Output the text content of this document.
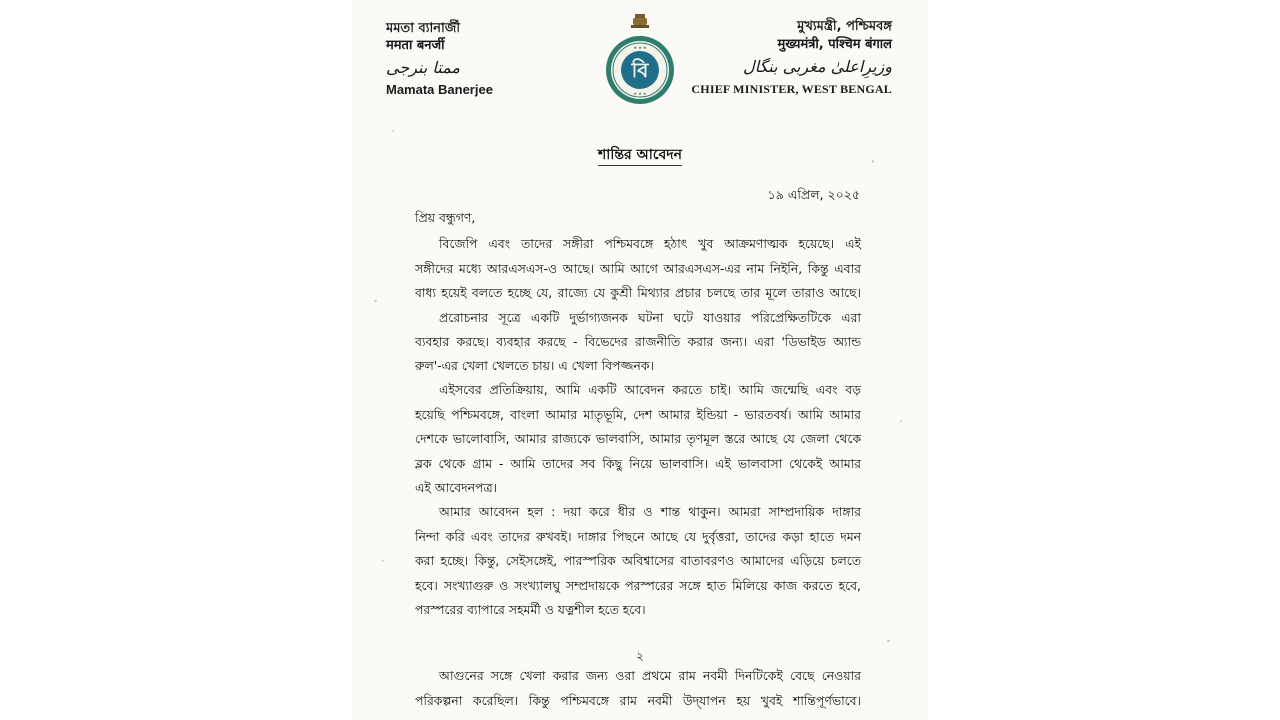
মমতা ব্যানার্জী
ममता बनर्जी
ممتا بنرجی
Mamata Banerjee
বি
★ ★ ★
★ ★ ★
মুখ্যমন্ত্রী, পশ্চিমবঙ্গ
मुख्यमंत्री, पश्चिम बंगाल
وزیرِاعلیٰ مغربی بنگال
CHIEF MINISTER, WEST BENGAL
শান্তির আবেদন
১৯ এপ্রিল, ২০২৫
প্রিয় বন্ধুগণ,
বিজেপি এবং তাদের সঙ্গীরা পশ্চিমবঙ্গে হঠাৎ খুব আক্রমণাত্মক হয়েছে। এই
সঙ্গীদের মধ্যে আরএসএস-ও আছে। আমি আগে আরএসএস-এর নাম নিইনি, কিন্তু এবার
বাধ্য হয়েই বলতে হচ্ছে যে, রাজ্যে যে কুশ্রী মিথ্যার প্রচার চলছে তার মূলে তারাও আছে।
প্ররোচনার সূত্রে একটি দুর্ভাগ্যজনক ঘটনা ঘটে যাওয়ার পরিপ্রেক্ষিতটিকে এরা
ব্যবহার করছে। ব্যবহার করছে - বিভেদের রাজনীতি করার জন্য। এরা 'ডিভাইড অ্যান্ড
রুল'-এর খেলা খেলতে চায়। এ খেলা বিপজ্জনক।
এইসবের প্রতিক্রিয়ায়, আমি একটি আবেদন করতে চাই। আমি জন্মেছি এবং বড়
হয়েছি পশ্চিমবঙ্গে, বাংলা আমার মাতৃভূমি, দেশ আমার ইন্ডিয়া - ভারতবর্ষ। আমি আমার
দেশকে ভালোবাসি, আমার রাজ্যকে ভালবাসি, আমার তৃণমূল স্তরে আছে যে জেলা থেকে
ব্লক থেকে গ্রাম - আমি তাদের সব কিছু নিয়ে ভালবাসি। এই ভালবাসা থেকেই আমার
এই আবেদনপত্র।
আমার আবেদন হল : দয়া করে ধীর ও শান্ত থাকুন। আমরা সাম্প্রদায়িক দাঙ্গার
নিন্দা করি এবং তাদের রুখবই। দাঙ্গার পিছনে আছে যে দুর্বৃত্তরা, তাদের কড়া হাতে দমন
করা হচ্ছে। কিন্তু, সেইসঙ্গেই, পারস্পরিক অবিশ্বাসের বাতাবরণও আমাদের এড়িয়ে চলতে
হবে। সংখ্যাগুরু ও সংখ্যালঘু সম্প্রদায়কে পরস্পরের সঙ্গে হাত মিলিয়ে কাজ করতে হবে,
পরস্পরের ব্যাপারে সহমর্মী ও যত্নশীল হতে হবে।
২
আগুনের সঙ্গে খেলা করার জন্য ওরা প্রথমে রাম নবমী দিনটিকেই বেছে নেওয়ার
পরিকল্পনা করেছিল। কিন্তু পশ্চিমবঙ্গে রাম নবমী উদ্‌যাপন হয় খুবই শান্তিপূর্ণভাবে।
